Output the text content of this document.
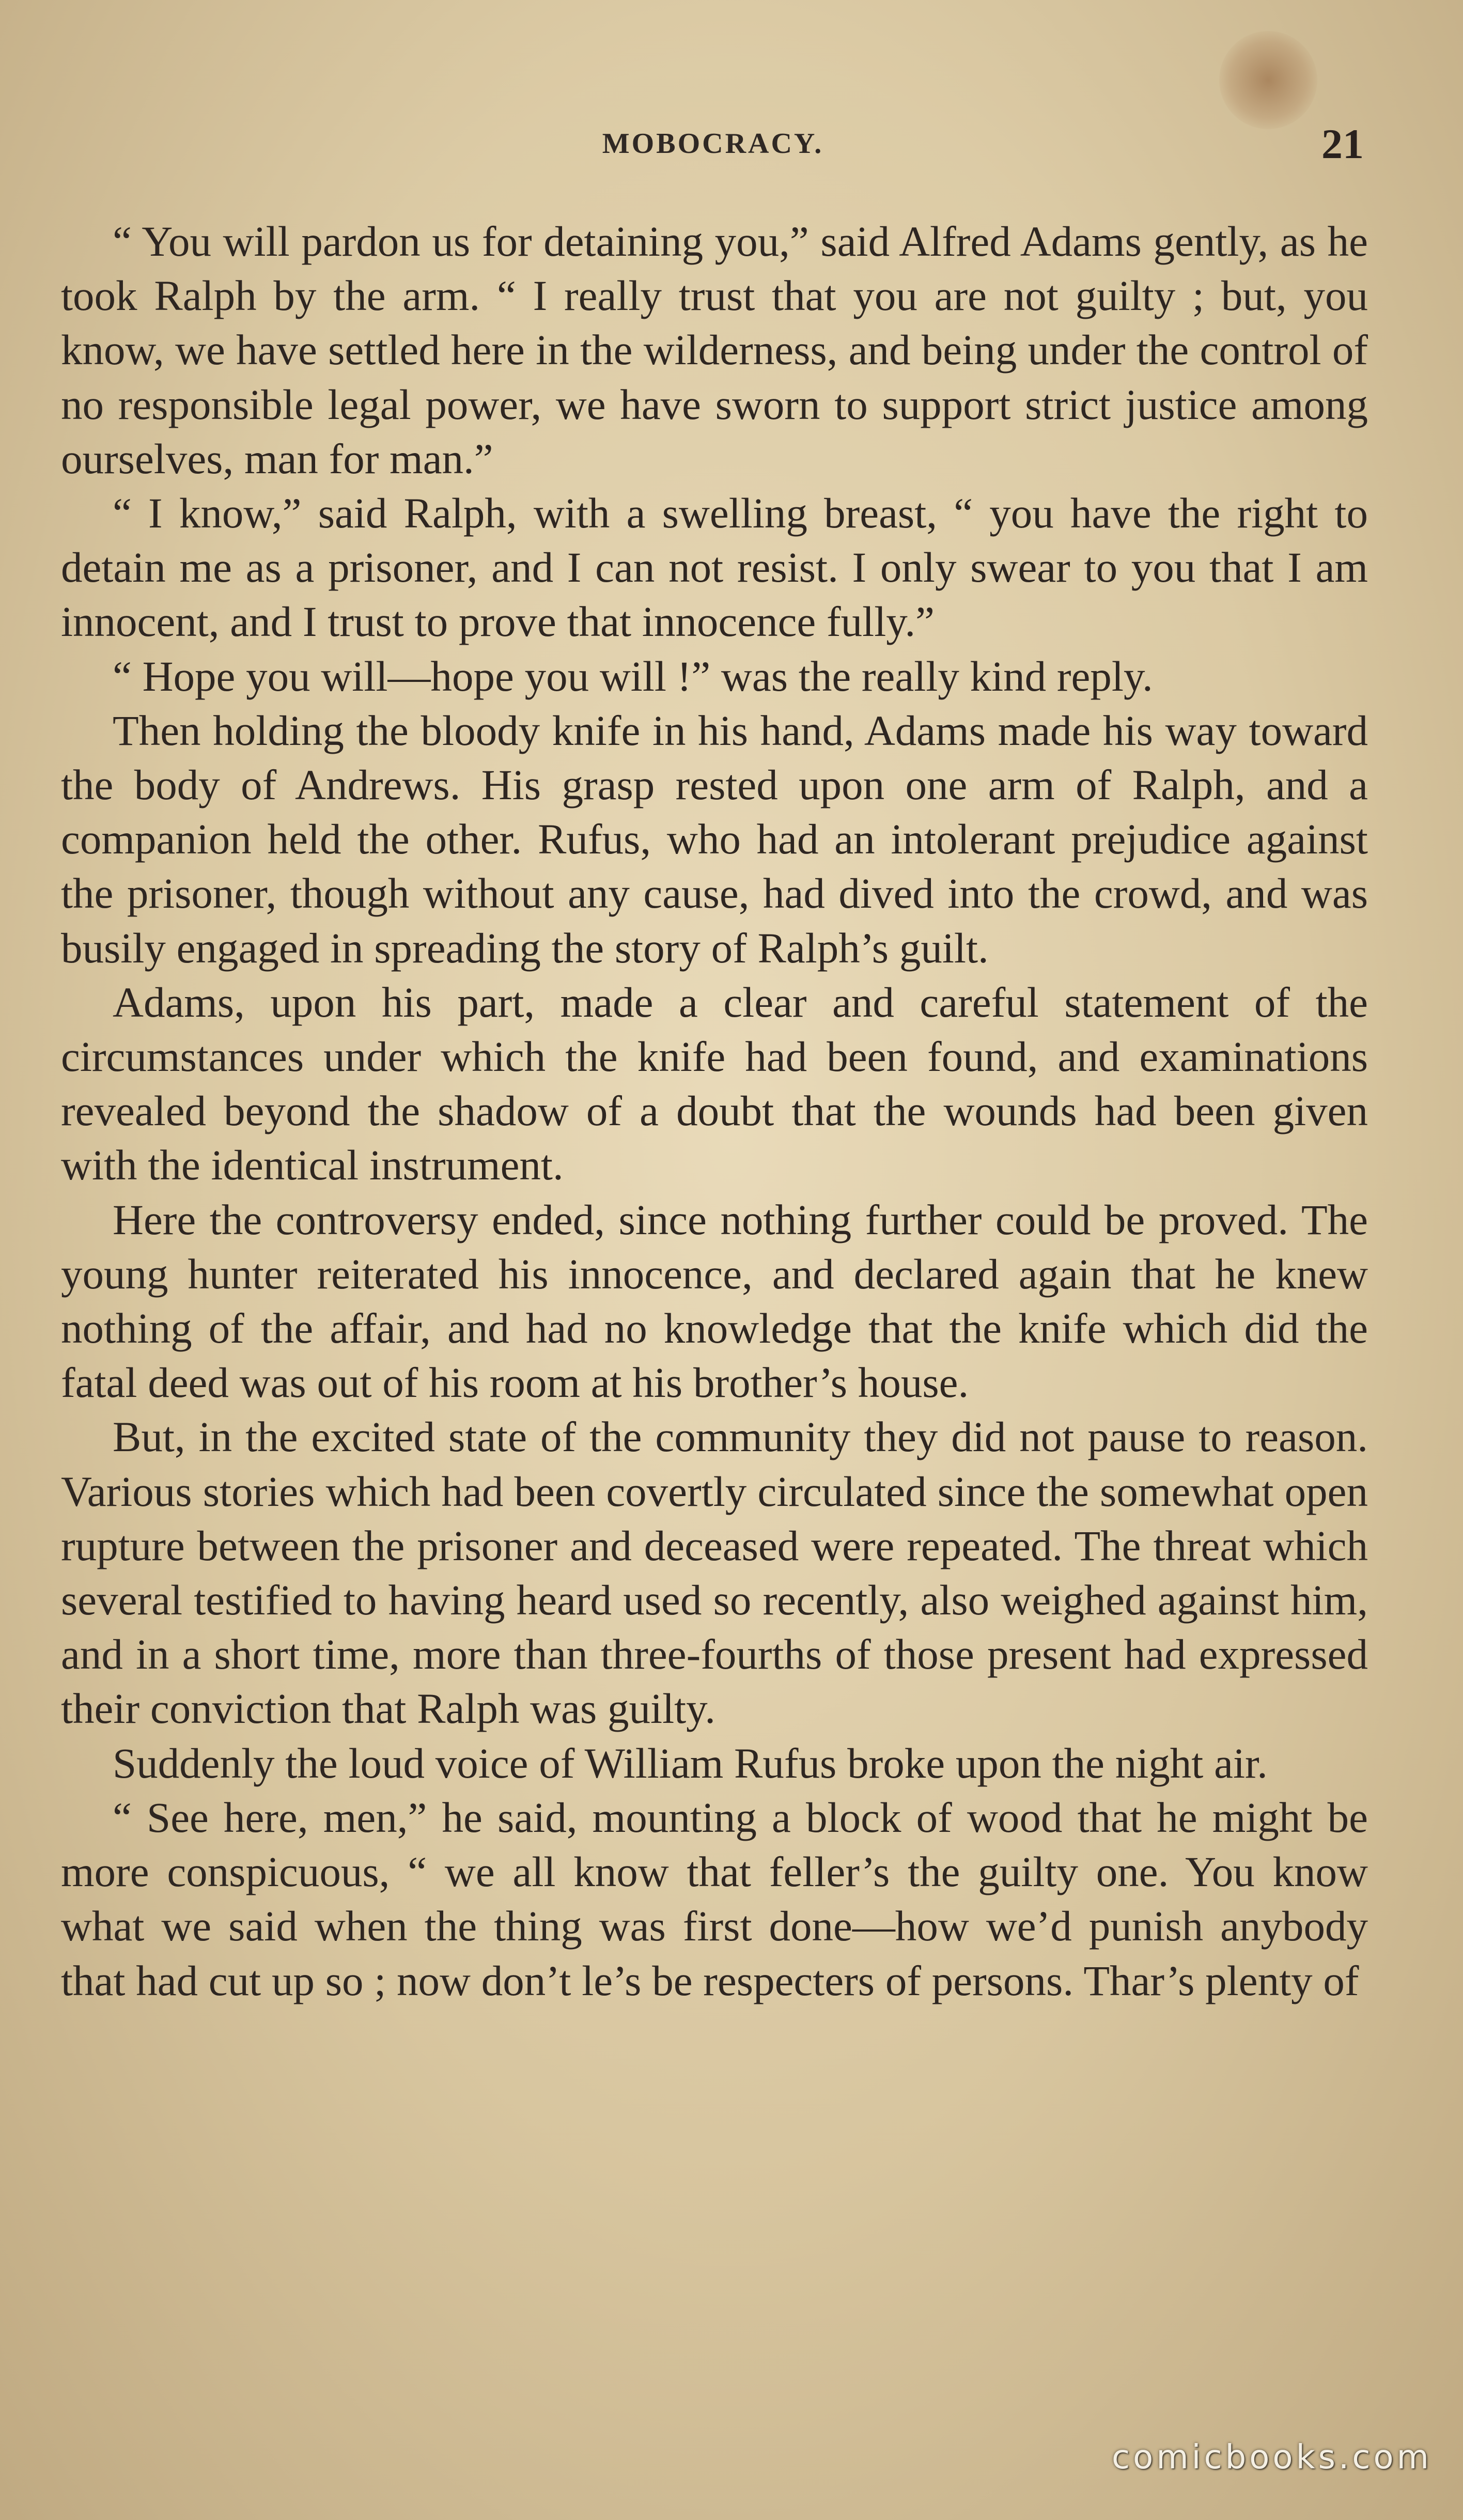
MOBOCRACY.	21

“ You will pardon us for detaining you,” said Alfred Adams gently, as he took Ralph by the arm. “ I really trust that you are not guilty ; but, you know, we have settled here in the wilderness, and being under the control of no responsible legal power, we have sworn to support strict justice among ourselves, man for man.”

“ I know,” said Ralph, with a swelling breast, “ you have the right to detain me as a prisoner, and I can not resist. I only swear to you that I am innocent, and I trust to prove that innocence fully.”

“ Hope you will—hope you will !” was the really kind reply.

Then holding the bloody knife in his hand, Adams made his way toward the body of Andrews. His grasp rested upon one arm of Ralph, and a companion held the other. Rufus, who had an intolerant prejudice against the prisoner, though without any cause, had dived into the crowd, and was busily engaged in spreading the story of Ralph’s guilt.

Adams, upon his part, made a clear and careful statement of the circumstances under which the knife had been found, and examinations revealed beyond the shadow of a doubt that the wounds had been given with the identical instrument.

Here the controversy ended, since nothing further could be proved. The young hunter reiterated his innocence, and declared again that he knew nothing of the affair, and had no knowledge that the knife which did the fatal deed was out of his room at his brother’s house.

But, in the excited state of the community they did not pause to reason. Various stories which had been covertly circulated since the somewhat open rupture between the prisoner and deceased were repeated. The threat which several testified to having heard used so recently, also weighed against him, and in a short time, more than three-fourths of those present had expressed their conviction that Ralph was guilty.

Suddenly the loud voice of William Rufus broke upon the night air.

“ See here, men,” he said, mounting a block of wood that he might be more conspicuous, “ we all know that feller’s the guilty one. You know what we said when the thing was first done—how we’d punish anybody that had cut up so ; now don’t le’s be respecters of persons. Thar’s plenty of

comicbooks.com
